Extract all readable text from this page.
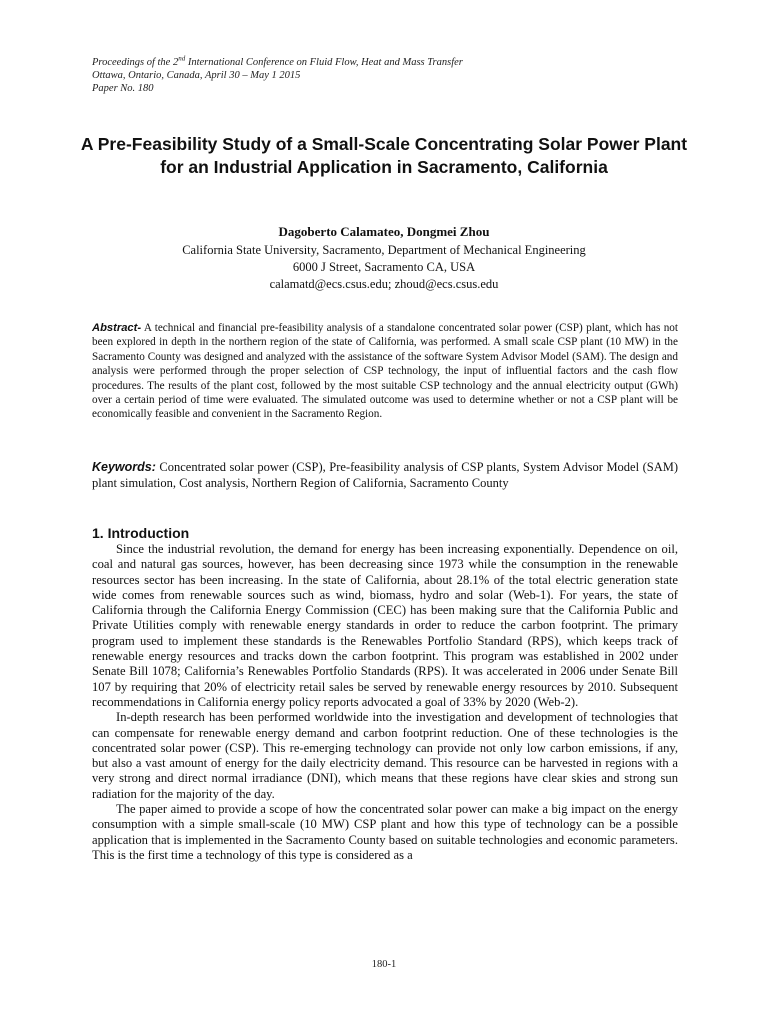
Proceedings of the 2nd International Conference on Fluid Flow, Heat and Mass Transfer
Ottawa, Ontario, Canada, April 30 – May 1 2015
Paper No. 180
A Pre-Feasibility Study of a Small-Scale Concentrating Solar Power Plant for an Industrial Application in Sacramento, California
Dagoberto Calamateo, Dongmei Zhou
California State University, Sacramento, Department of Mechanical Engineering
6000 J Street, Sacramento CA, USA
calamatd@ecs.csus.edu; zhoud@ecs.csus.edu
Abstract- A technical and financial pre-feasibility analysis of a standalone concentrated solar power (CSP) plant, which has not been explored in depth in the northern region of the state of California, was performed. A small scale CSP plant (10 MW) in the Sacramento County was designed and analyzed with the assistance of the software System Advisor Model (SAM). The design and analysis were performed through the proper selection of CSP technology, the input of influential factors and the cash flow procedures. The results of the plant cost, followed by the most suitable CSP technology and the annual electricity output (GWh) over a certain period of time were evaluated. The simulated outcome was used to determine whether or not a CSP plant will be economically feasible and convenient in the Sacramento Region.
Keywords: Concentrated solar power (CSP), Pre-feasibility analysis of CSP plants, System Advisor Model (SAM) plant simulation, Cost analysis, Northern Region of California, Sacramento County
1. Introduction

Since the industrial revolution, the demand for energy has been increasing exponentially. Dependence on oil, coal and natural gas sources, however, has been decreasing since 1973 while the consumption in the renewable resources sector has been increasing. In the state of California, about 28.1% of the total electric generation state wide comes from renewable sources such as wind, biomass, hydro and solar (Web-1). For years, the state of California through the California Energy Commission (CEC) has been making sure that the California Public and Private Utilities comply with renewable energy standards in order to reduce the carbon footprint. The primary program used to implement these standards is the Renewables Portfolio Standard (RPS), which keeps track of renewable energy resources and tracks down the carbon footprint. This program was established in 2002 under Senate Bill 1078; California’s Renewables Portfolio Standards (RPS). It was accelerated in 2006 under Senate Bill 107 by requiring that 20% of electricity retail sales be served by renewable energy resources by 2010. Subsequent recommendations in California energy policy reports advocated a goal of 33% by 2020 (Web-2).

In-depth research has been performed worldwide into the investigation and development of technologies that can compensate for renewable energy demand and carbon footprint reduction. One of these technologies is the concentrated solar power (CSP). This re-emerging technology can provide not only low carbon emissions, if any, but also a vast amount of energy for the daily electricity demand. This resource can be harvested in regions with a very strong and direct normal irradiance (DNI), which means that these regions have clear skies and strong sun radiation for the majority of the day.

The paper aimed to provide a scope of how the concentrated solar power can make a big impact on the energy consumption with a simple small-scale (10 MW) CSP plant and how this type of technology can be a possible application that is implemented in the Sacramento County based on suitable technologies and economic parameters. This is the first time a technology of this type is considered as a

180-1
